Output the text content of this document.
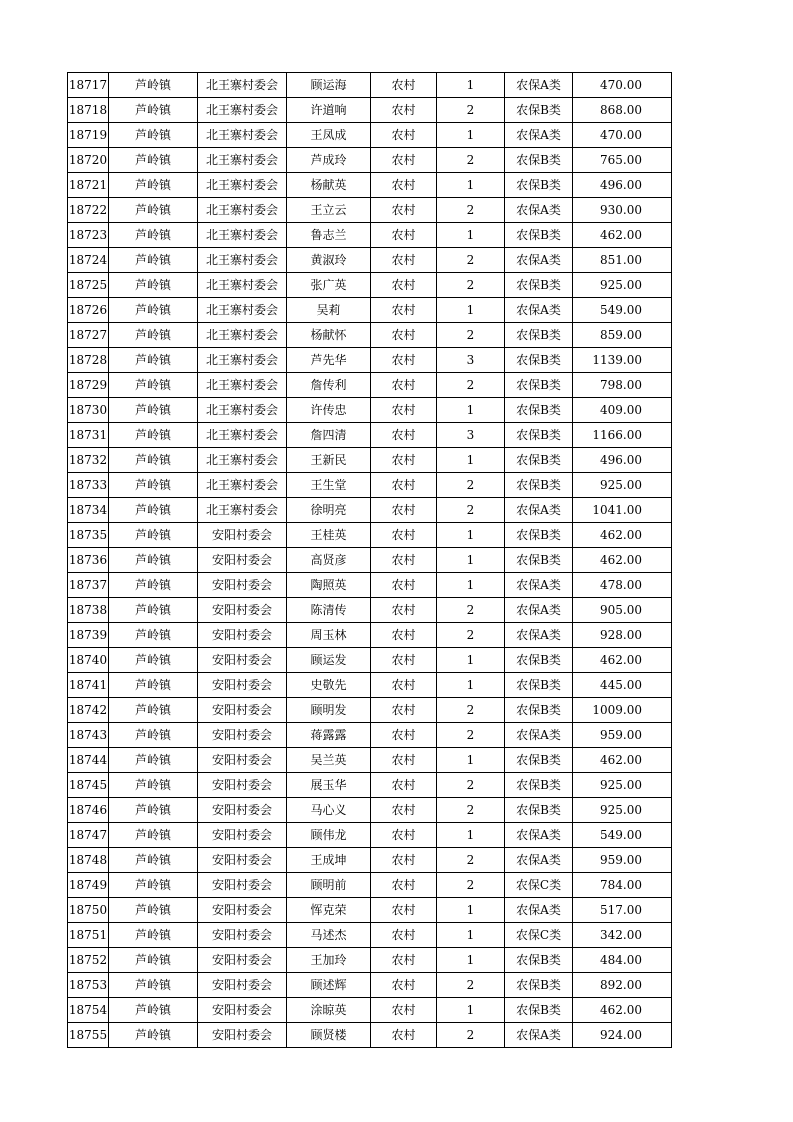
18717	芦岭镇	北王寨村委会	顾运海	农村	1	农保A类	470.00
18718	芦岭镇	北王寨村委会	许道响	农村	2	农保B类	868.00
18719	芦岭镇	北王寨村委会	王凤成	农村	1	农保A类	470.00
18720	芦岭镇	北王寨村委会	芦成玲	农村	2	农保B类	765.00
18721	芦岭镇	北王寨村委会	杨献英	农村	1	农保B类	496.00
18722	芦岭镇	北王寨村委会	王立云	农村	2	农保A类	930.00
18723	芦岭镇	北王寨村委会	鲁志兰	农村	1	农保B类	462.00
18724	芦岭镇	北王寨村委会	黄淑玲	农村	2	农保A类	851.00
18725	芦岭镇	北王寨村委会	张广英	农村	2	农保B类	925.00
18726	芦岭镇	北王寨村委会	吴莉	农村	1	农保A类	549.00
18727	芦岭镇	北王寨村委会	杨献怀	农村	2	农保B类	859.00
18728	芦岭镇	北王寨村委会	芦先华	农村	3	农保B类	1139.00
18729	芦岭镇	北王寨村委会	詹传利	农村	2	农保B类	798.00
18730	芦岭镇	北王寨村委会	许传忠	农村	1	农保B类	409.00
18731	芦岭镇	北王寨村委会	詹四清	农村	3	农保B类	1166.00
18732	芦岭镇	北王寨村委会	王新民	农村	1	农保B类	496.00
18733	芦岭镇	北王寨村委会	王生堂	农村	2	农保B类	925.00
18734	芦岭镇	北王寨村委会	徐明亮	农村	2	农保A类	1041.00
18735	芦岭镇	安阳村委会	王桂英	农村	1	农保B类	462.00
18736	芦岭镇	安阳村委会	高贤彦	农村	1	农保B类	462.00
18737	芦岭镇	安阳村委会	陶照英	农村	1	农保A类	478.00
18738	芦岭镇	安阳村委会	陈清传	农村	2	农保A类	905.00
18739	芦岭镇	安阳村委会	周玉林	农村	2	农保A类	928.00
18740	芦岭镇	安阳村委会	顾运发	农村	1	农保B类	462.00
18741	芦岭镇	安阳村委会	史敬先	农村	1	农保B类	445.00
18742	芦岭镇	安阳村委会	顾明发	农村	2	农保B类	1009.00
18743	芦岭镇	安阳村委会	蒋露露	农村	2	农保A类	959.00
18744	芦岭镇	安阳村委会	吴兰英	农村	1	农保B类	462.00
18745	芦岭镇	安阳村委会	展玉华	农村	2	农保B类	925.00
18746	芦岭镇	安阳村委会	马心义	农村	2	农保B类	925.00
18747	芦岭镇	安阳村委会	顾伟龙	农村	1	农保A类	549.00
18748	芦岭镇	安阳村委会	王成坤	农村	2	农保A类	959.00
18749	芦岭镇	安阳村委会	顾明前	农村	2	农保C类	784.00
18750	芦岭镇	安阳村委会	恽克荣	农村	1	农保A类	517.00
18751	芦岭镇	安阳村委会	马述杰	农村	1	农保C类	342.00
18752	芦岭镇	安阳村委会	王加玲	农村	1	农保B类	484.00
18753	芦岭镇	安阳村委会	顾述辉	农村	2	农保B类	892.00
18754	芦岭镇	安阳村委会	涂晾英	农村	1	农保B类	462.00
18755	芦岭镇	安阳村委会	顾贤楼	农村	2	农保A类	924.00
